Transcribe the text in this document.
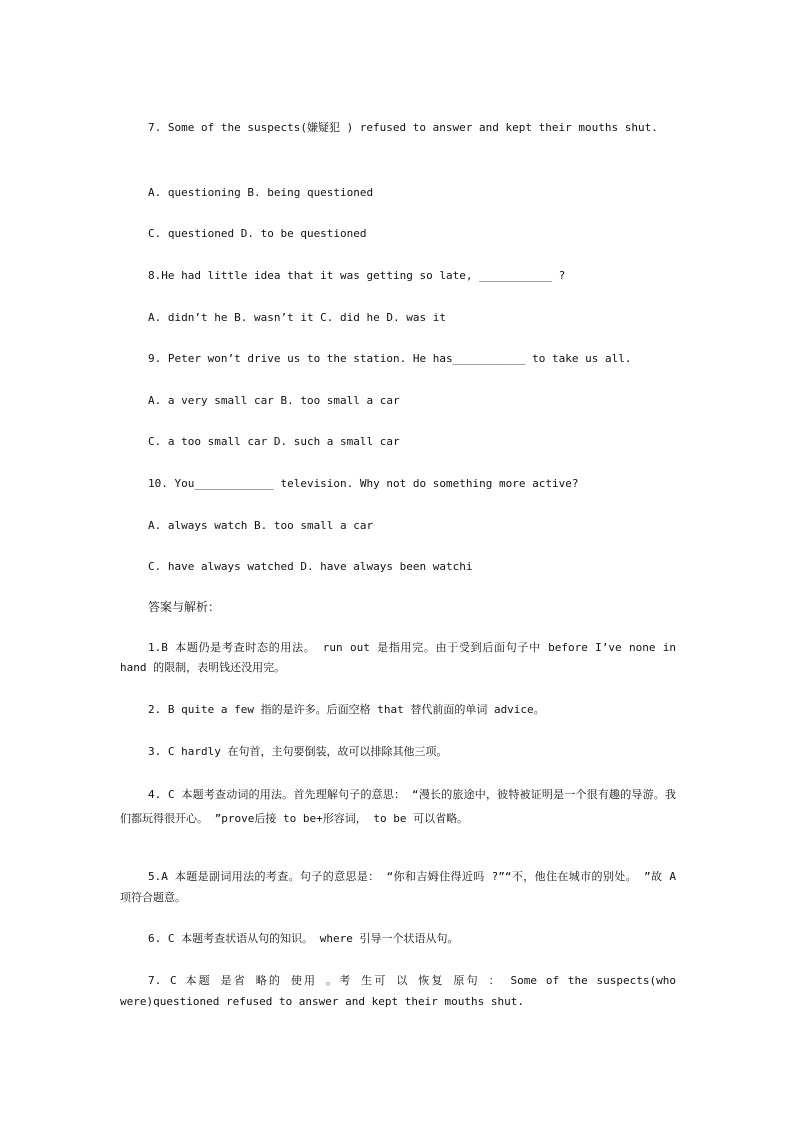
7. Some of the suspects(嫌疑犯 ) refused to answer and kept their mouths shut.
A. questioning B. being questioned
C. questioned D. to be questioned
8.He had little idea that it was getting so late, ___________ ?
A. didn’t he B. wasn’t it C. did he D. was it
9. Peter won’t drive us to the station. He has___________ to take us all.
A. a very small car B. too small a car
C. a too small car D. such a small car
10. You____________ television. Why not do something more active?
A. always watch B. too small a car
C. have always watched D. have always been watchi
答案与解析：
1.B 本题仍是考查时态的用法。 run out 是指用完。由于受到后面句子中 before I’ve none in hand 的限制，表明钱还没用完。
2. B quite a few 指的是许多。后面空格 that 替代前面的单词 advice。
3. C hardly 在句首，主句要倒装，故可以排除其他三项。
4. C 本题考查动词的用法。首先理解句子的意思： “漫长的旅途中，彼特被证明是一个很有趣的导游。我们都玩得很开心。 ”prove后接 to be+形容词， to be 可以省略。
5.A 本题是副词用法的考查。句子的意思是： “你和吉姆住得近吗 ?”“不，他住在城市的别处。 ”故 A 项符合题意。
6. C 本题考查状语从句的知识。 where 引导一个状语从句。
7. C 本题 是省 略的 使用 。考 生可 以 恢复 原句 ： Some of the suspects(who were)questioned refused to answer and kept their mouths shut.
